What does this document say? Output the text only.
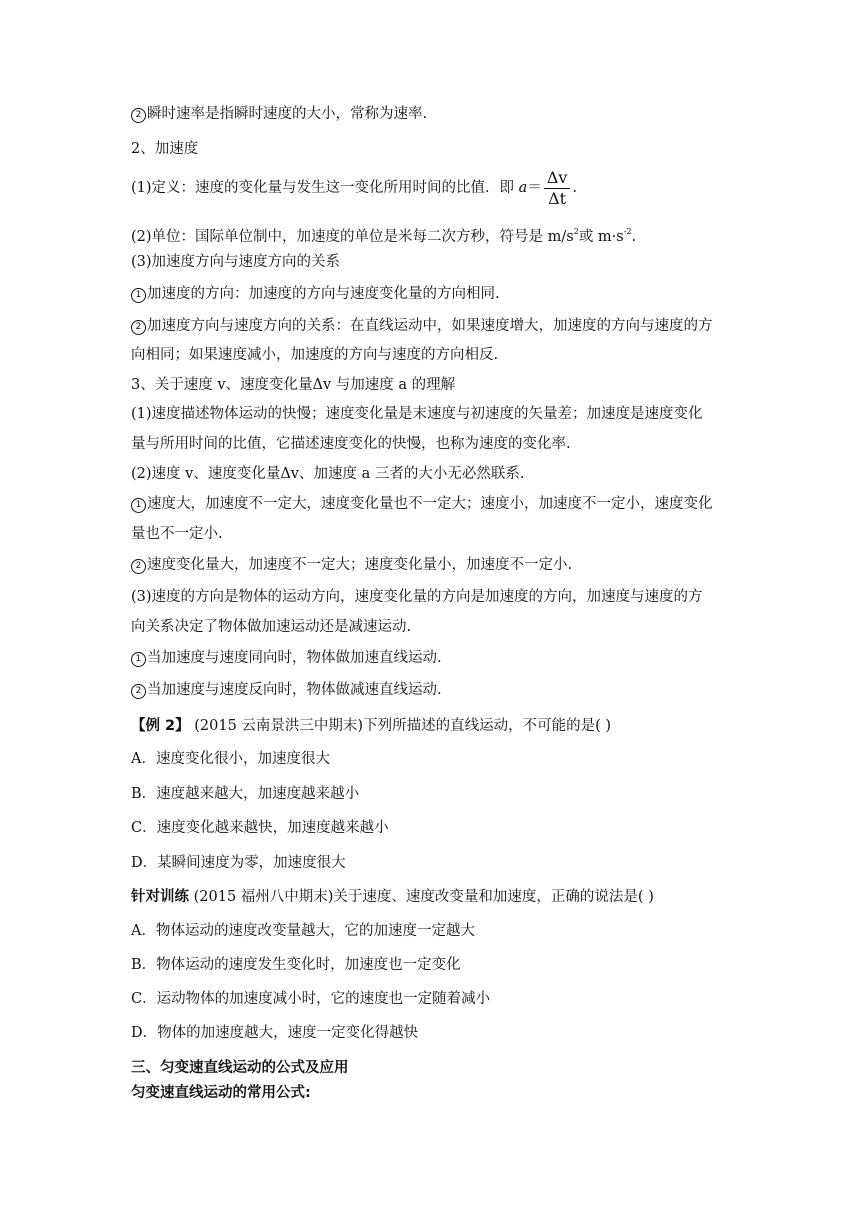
2 瞬时速率是指瞬时速度的大小，常称为速率.
2、加速度
(1)定义：速度的变化量与发生这一变化所用时间的比值．即 $a= \frac{\Delta v}{\Delta t}$ .
(2)单位：国际单位制中，加速度的单位是米每二次方秒，符号是 $m/s^2$或 $m\cdot s^{-2}$.
(3)加速度方向与速度方向的关系
1 加速度的方向：加速度的方向与速度变化量的方向相同.
2 加速度方向与速度方向的关系：在直线运动中，如果速度增大，加速度的方向与速度的方
向相同；如果速度减小，加速度的方向与速度的方向相反.
3、关于速度 v、速度变化量Δv 与加速度 a 的理解
(1)速度描述物体运动的快慢；速度变化量是末速度与初速度的矢量差；加速度是速度变化
量与所用时间的比值，它描述速度变化的快慢，也称为速度的变化率.
(2)速度 v、速度变化量Δv、加速度 a 三者的大小无必然联系.
1 速度大，加速度不一定大，速度变化量也不一定大；速度小，加速度不一定小，速度变化
量也不一定小.
2 速度变化量大，加速度不一定大；速度变化量小，加速度不一定小.
(3)速度的方向是物体的运动方向，速度变化量的方向是加速度的方向，加速度与速度的方
向关系决定了物体做加速运动还是减速运动.
1 当加速度与速度同向时，物体做加速直线运动.
2 当加速度与速度反向时，物体做减速直线运动.
【例 2】 (2015 云南景洪三中期末)下列所描述的直线运动，不可能的是( )
A．速度变化很小，加速度很大
B．速度越来越大，加速度越来越小
C．速度变化越来越快，加速度越来越小
D．某瞬间速度为零，加速度很大
针对训练 (2015 福州八中期末)关于速度、速度改变量和加速度，正确的说法是( )
A．物体运动的速度改变量越大，它的加速度一定越大
B．物体运动的速度发生变化时，加速度也一定变化
C．运动物体的加速度减小时，它的速度也一定随着减小
D．物体的加速度越大，速度一定变化得越快
三、匀变速直线运动的公式及应用
匀变速直线运动的常用公式:
